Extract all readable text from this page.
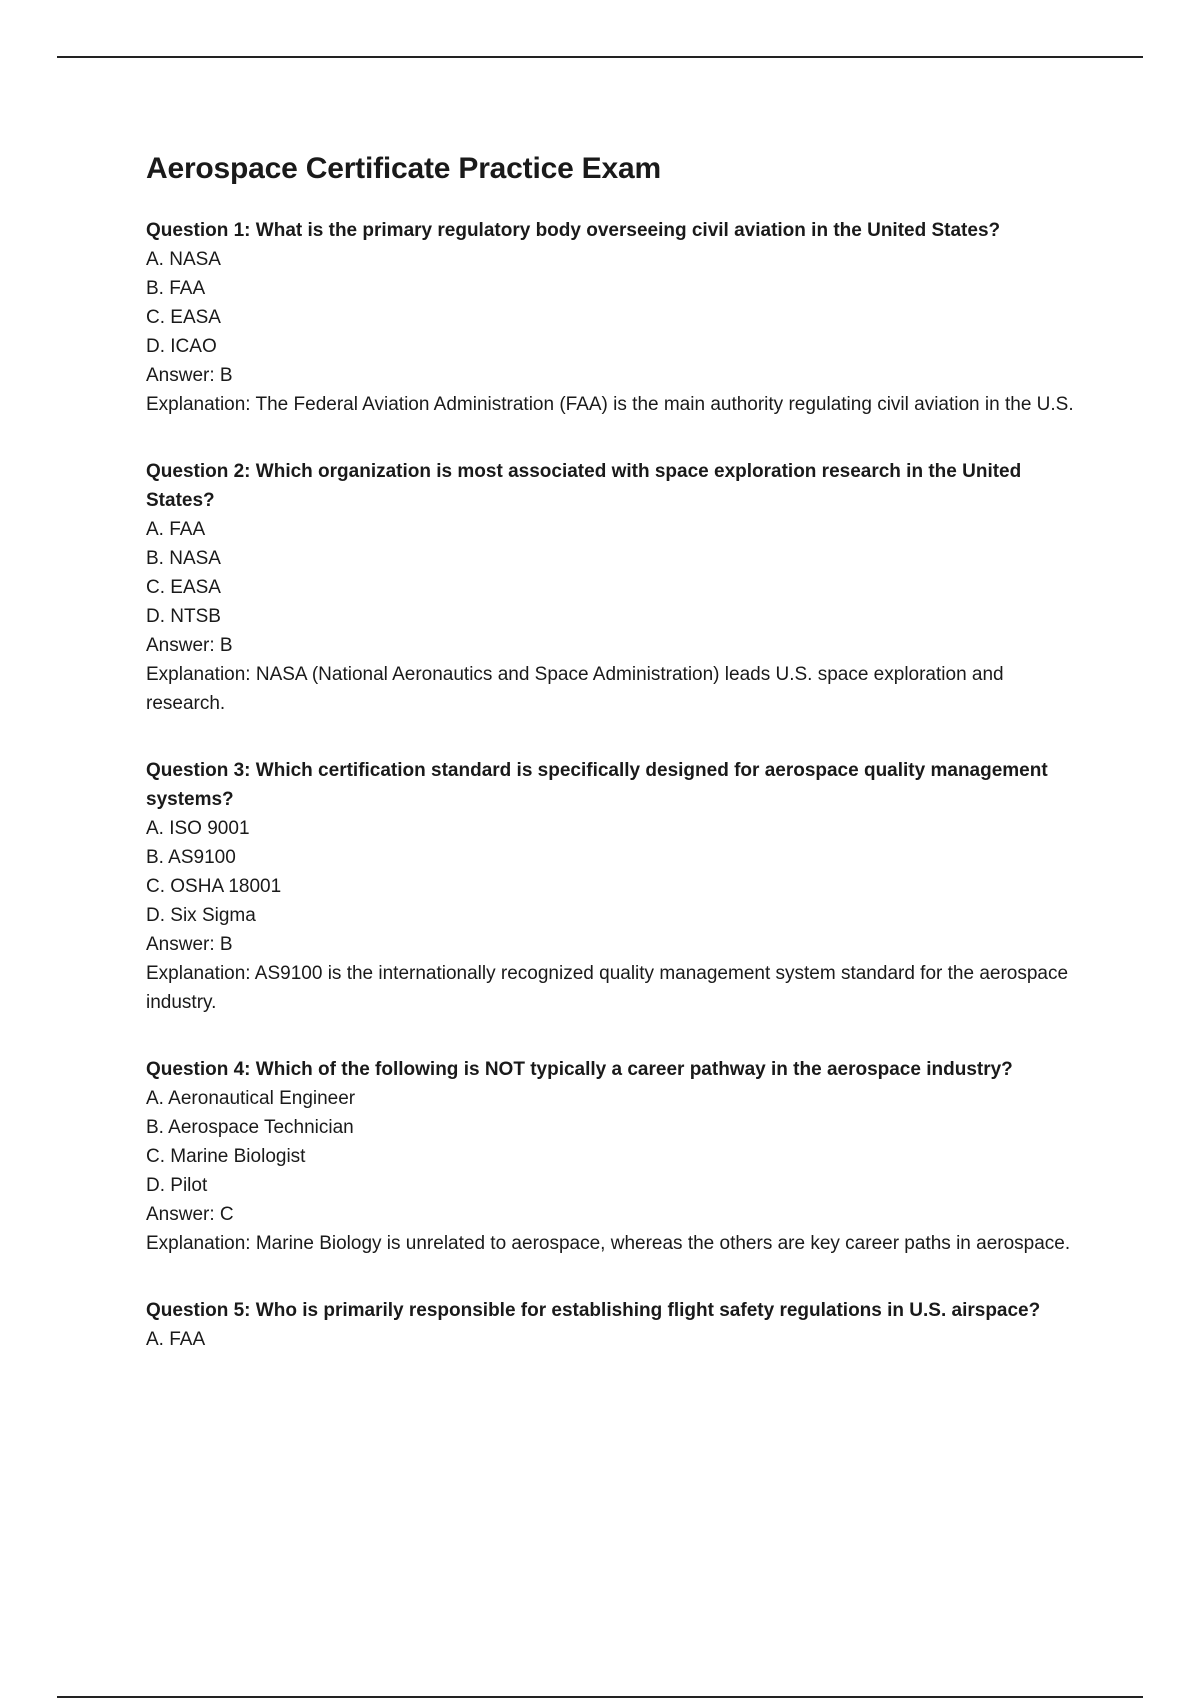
Aerospace Certificate Practice Exam

Question 1: What is the primary regulatory body overseeing civil aviation in the United States?

A. NASA

B. FAA

C. EASA

D. ICAO

Answer: B

Explanation: The Federal Aviation Administration (FAA) is the main authority regulating civil aviation in the U.S.

Question 2: Which organization is most associated with space exploration research in the United States?

A. FAA

B. NASA

C. EASA

D. NTSB

Answer: B

Explanation: NASA (National Aeronautics and Space Administration) leads U.S. space exploration and research.

Question 3: Which certification standard is specifically designed for aerospace quality management systems?

A. ISO 9001

B. AS9100

C. OSHA 18001

D. Six Sigma

Answer: B

Explanation: AS9100 is the internationally recognized quality management system standard for the aerospace industry.

Question 4: Which of the following is NOT typically a career pathway in the aerospace industry?

A. Aeronautical Engineer

B. Aerospace Technician

C. Marine Biologist

D. Pilot

Answer: C

Explanation: Marine Biology is unrelated to aerospace, whereas the others are key career paths in aerospace.

Question 5: Who is primarily responsible for establishing flight safety regulations in U.S. airspace?

A. FAA
